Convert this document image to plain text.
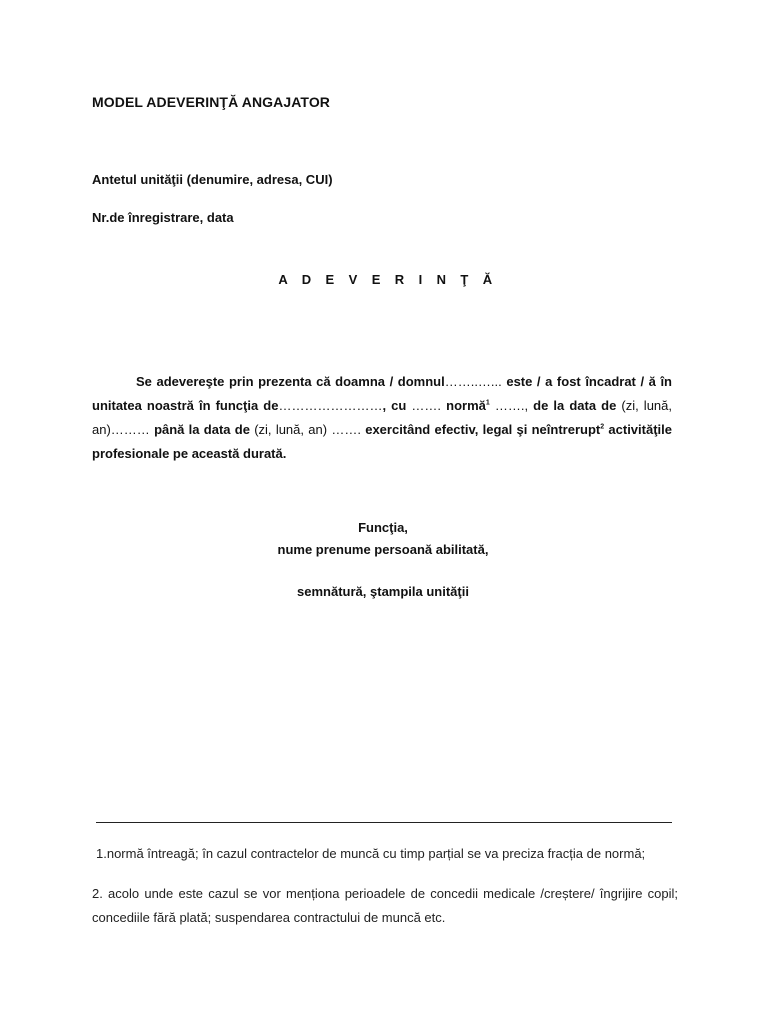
MODEL ADEVERINŢĂ ANGAJATOR
Antetul unităţii (denumire, adresa, CUI)
Nr.de înregistrare, data
A D E V E R I N Ţ Ă

Se adevereşte prin prezenta că doamna / domnul……..…... este / a fost încadrat / ă în unitatea noastră în funcţia de……………………, cu ……. normă$^1$ ……., de la data de (zi, lună, an)……… până la data de (zi, lună, an) ……. exercitând efectiv, legal şi neîntrerupt$^2$ activităţile profesionale pe această durată.

Funcţia,
nume prenume persoană abilitată,
semnătură, ştampila unităţii
1.normă întreagă; în cazul contractelor de muncă cu timp parțial se va preciza fracția de normă;
2. acolo unde este cazul se vor menționa perioadele de concedii medicale /creștere/ îngrijire copil; concediile fără plată; suspendarea contractului de muncă etc.
